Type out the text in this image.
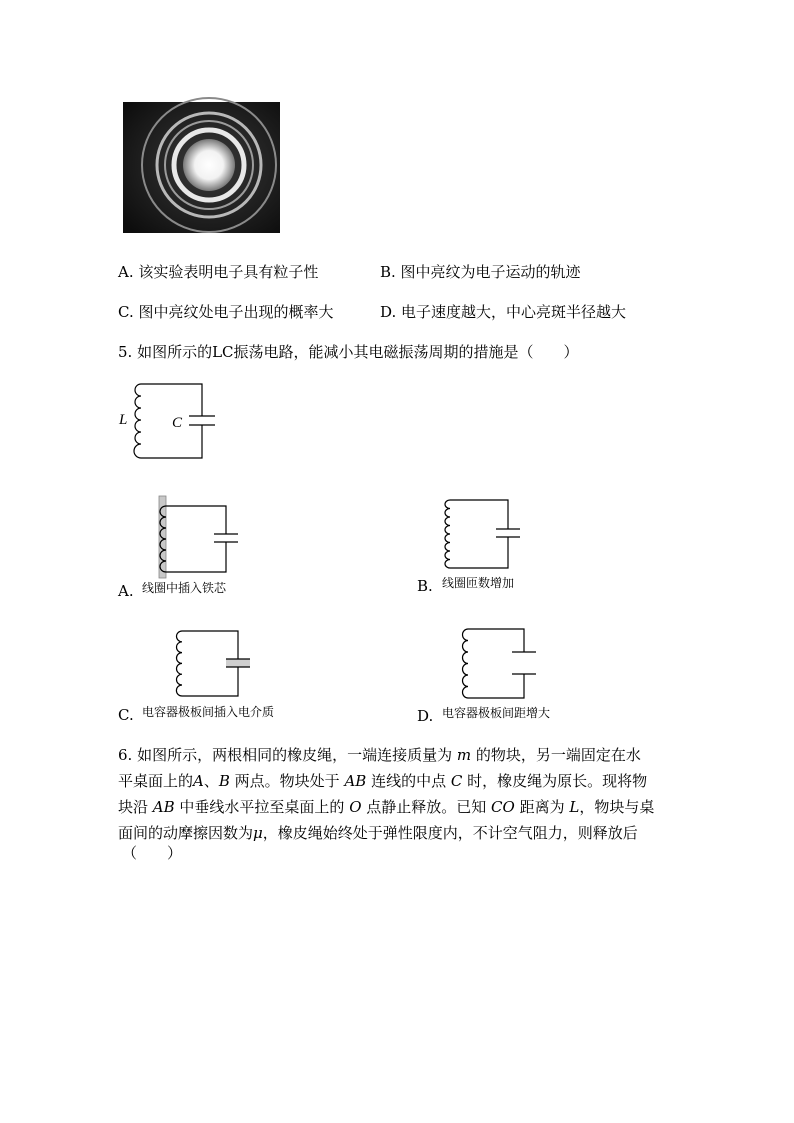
A. 该实验表明电子具有粒子性	B. 图中亮纹为电子运动的轨迹
C. 图中亮纹处电子出现的概率大	D. 电子速度越大，中心亮斑半径越大
5. 如图所示的LC振荡电路，能减小其电磁振荡周期的措施是（　　）
L	C
A. 线圈中插入铁芯	B. 线圈匝数增加
C. 电容器极板间插入电介质	D. 电容器极板间距增大
6. 如图所示，两根相同的橡皮绳，一端连接质量为 m 的物块，另一端固定在水
平桌面上的A、B 两点。物块处于 AB 连线的中点 C 时，橡皮绳为原长。现将物
块沿 AB 中垂线水平拉至桌面上的 O 点静止释放。已知 CO 距离为 L，物块与桌
面间的动摩擦因数为μ，橡皮绳始终处于弹性限度内，不计空气阻力，则释放后
（　　）
